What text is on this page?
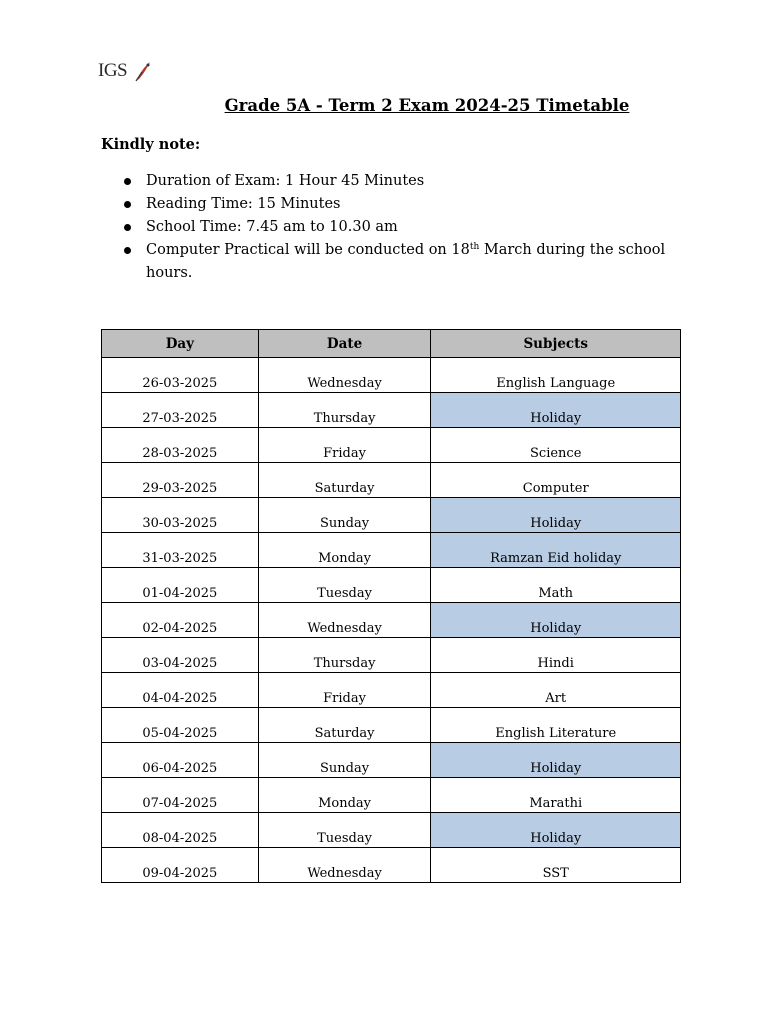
IGS
Grade 5A - Term 2 Exam 2024-25 Timetable
Kindly note:
Duration of Exam: 1 Hour 45 Minutes
Reading Time: 15 Minutes
School Time: 7.45 am to 10.30 am
Computer Practical will be conducted on 18th March during the school hours.
Day	Date	Subjects
26-03-2025	Wednesday	English Language
27-03-2025	Thursday	Holiday
28-03-2025	Friday	Science
29-03-2025	Saturday	Computer
30-03-2025	Sunday	Holiday
31-03-2025	Monday	Ramzan Eid holiday
01-04-2025	Tuesday	Math
02-04-2025	Wednesday	Holiday
03-04-2025	Thursday	Hindi
04-04-2025	Friday	Art
05-04-2025	Saturday	English Literature
06-04-2025	Sunday	Holiday
07-04-2025	Monday	Marathi
08-04-2025	Tuesday	Holiday
09-04-2025	Wednesday	SST
